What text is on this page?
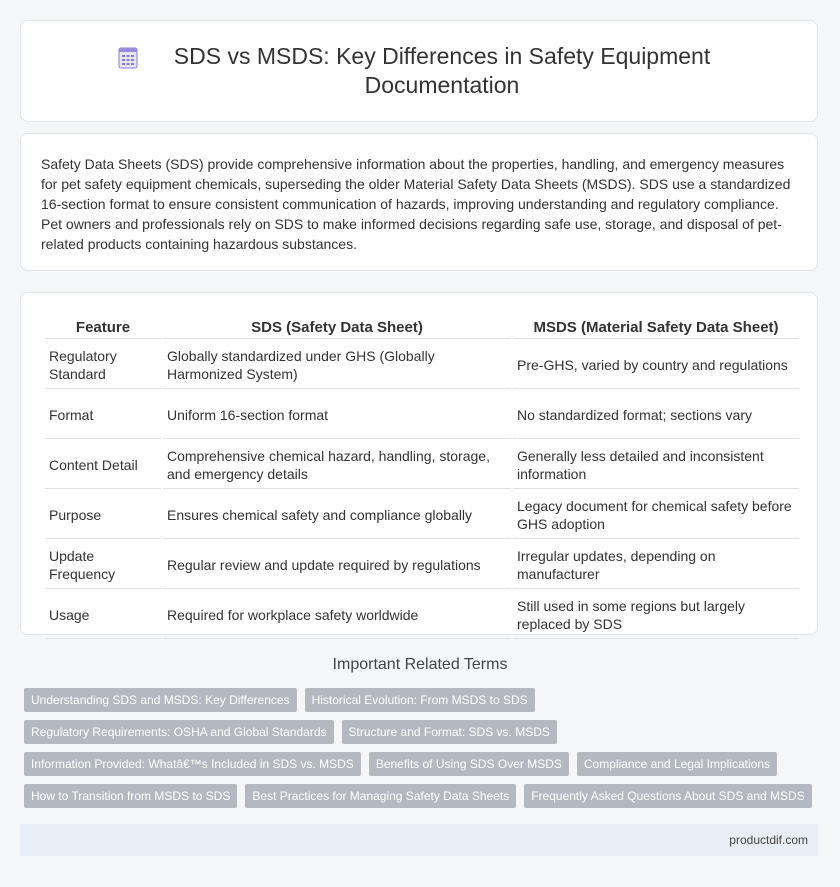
SDS vs MSDS: Key Differences in Safety Equipment Documentation

Safety Data Sheets (SDS) provide comprehensive information about the properties, handling, and emergency measures for pet safety equipment chemicals, superseding the older Material Safety Data Sheets (MSDS). SDS use a standardized 16-section format to ensure consistent communication of hazards, improving understanding and regulatory compliance. Pet owners and professionals rely on SDS to make informed decisions regarding safe use, storage, and disposal of pet-related products containing hazardous substances.

Feature	SDS (Safety Data Sheet)	MSDS (Material Safety Data Sheet)
Regulatory Standard	Globally standardized under GHS (Globally Harmonized System)	Pre-GHS, varied by country and regulations
Format	Uniform 16-section format	No standardized format; sections vary
Content Detail	Comprehensive chemical hazard, handling, storage, and emergency details	Generally less detailed and inconsistent information
Purpose	Ensures chemical safety and compliance globally	Legacy document for chemical safety before GHS adoption
Update Frequency	Regular review and update required by regulations	Irregular updates, depending on manufacturer
Usage	Required for workplace safety worldwide	Still used in some regions but largely replaced by SDS
Important Related Terms
Understanding SDS and MSDS: Key Differences	Historical Evolution: From MSDS to SDS
Regulatory Requirements: OSHA and Global Standards	Structure and Format: SDS vs. MSDS
Information Provided: Whatâ€™s Included in SDS vs. MSDS	Benefits of Using SDS Over MSDS	Compliance and Legal Implications
How to Transition from MSDS to SDS	Best Practices for Managing Safety Data Sheets	Frequently Asked Questions About SDS and MSDS
productdif.com
